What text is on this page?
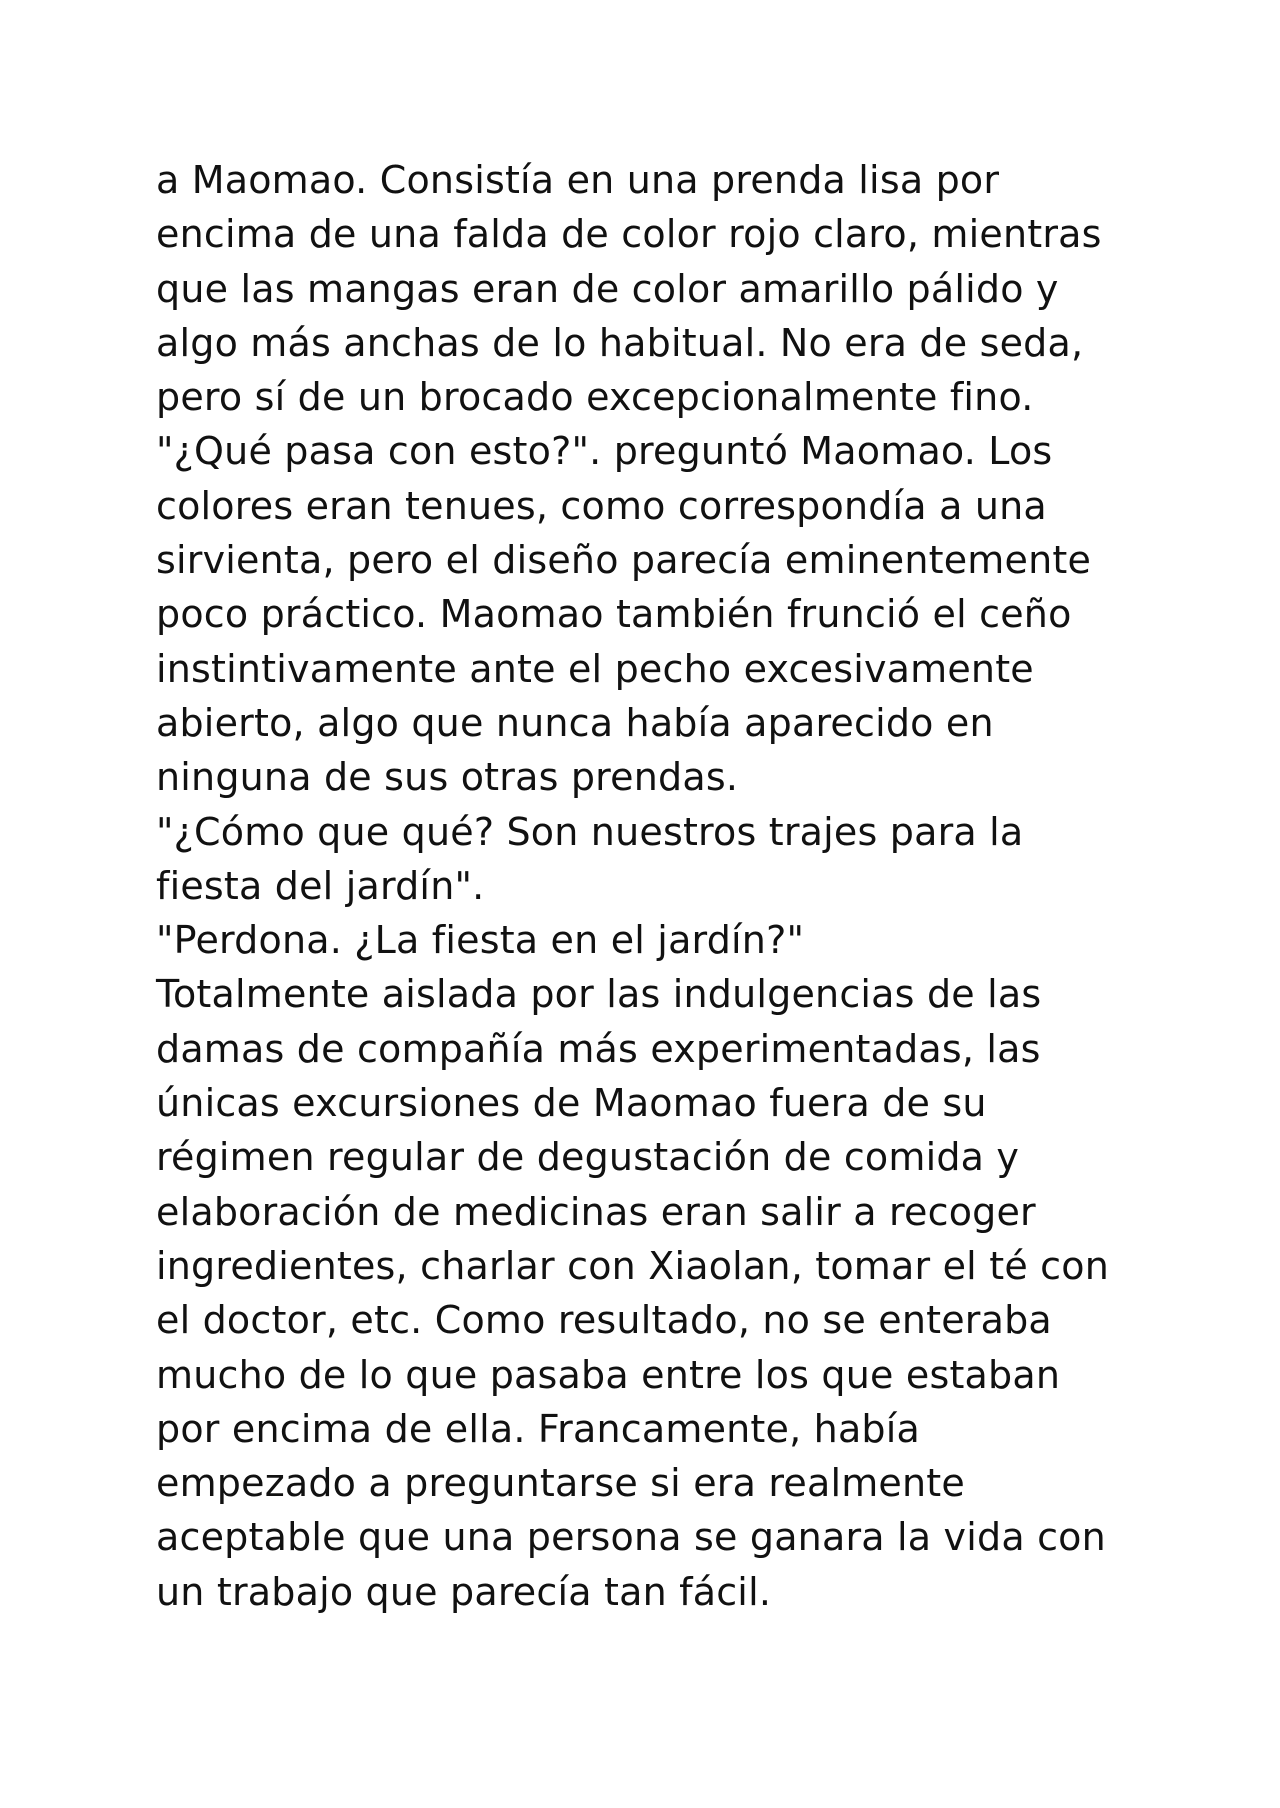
a Maomao. Consistía en una prenda lisa por
encima de una falda de color rojo claro, mientras
que las mangas eran de color amarillo pálido y
algo más anchas de lo habitual. No era de seda,
pero sí de un brocado excepcionalmente fino.
"¿Qué pasa con esto?". preguntó Maomao. Los
colores eran tenues, como correspondía a una
sirvienta, pero el diseño parecía eminentemente
poco práctico. Maomao también frunció el ceño
instintivamente ante el pecho excesivamente
abierto, algo que nunca había aparecido en
ninguna de sus otras prendas.
"¿Cómo que qué? Son nuestros trajes para la
fiesta del jardín".
"Perdona. ¿La fiesta en el jardín?"
Totalmente aislada por las indulgencias de las
damas de compañía más experimentadas, las
únicas excursiones de Maomao fuera de su
régimen regular de degustación de comida y
elaboración de medicinas eran salir a recoger
ingredientes, charlar con Xiaolan, tomar el té con
el doctor, etc. Como resultado, no se enteraba
mucho de lo que pasaba entre los que estaban
por encima de ella. Francamente, había
empezado a preguntarse si era realmente
aceptable que una persona se ganara la vida con
un trabajo que parecía tan fácil.
